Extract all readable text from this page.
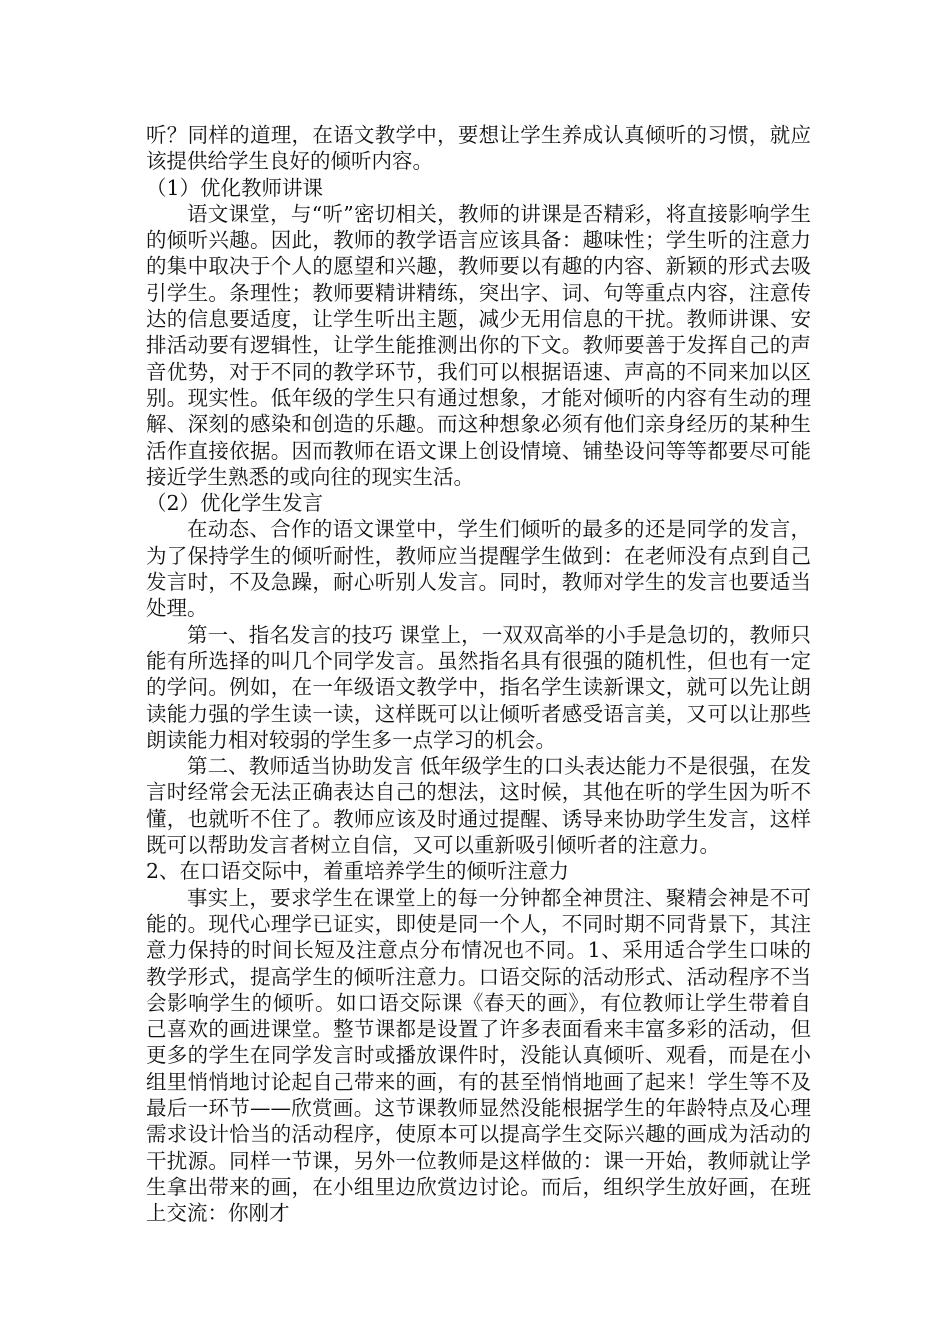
听？同样的道理，在语文教学中，要想让学生养成认真倾听的习惯，就应该提供给学生良好的倾听内容。

（1）优化教师讲课

语文课堂，与“听”密切相关，教师的讲课是否精彩，将直接影响学生的倾听兴趣。因此，教师的教学语言应该具备：趣味性；学生听的注意力的集中取决于个人的愿望和兴趣，教师要以有趣的内容、新颖的形式去吸引学生。条理性；教师要精讲精练，突出字、词、句等重点内容，注意传达的信息要适度，让学生听出主题，减少无用信息的干扰。教师讲课、安排活动要有逻辑性，让学生能推测出你的下文。教师要善于发挥自己的声音优势，对于不同的教学环节，我们可以根据语速、声高的不同来加以区别。现实性。低年级的学生只有通过想象，才能对倾听的内容有生动的理解、深刻的感染和创造的乐趣。而这种想象必须有他们亲身经历的某种生活作直接依据。因而教师在语文课上创设情境、铺垫设问等等都要尽可能接近学生熟悉的或向往的现实生活。

（2）优化学生发言

在动态、合作的语文课堂中，学生们倾听的最多的还是同学的发言，为了保持学生的倾听耐性，教师应当提醒学生做到：在老师没有点到自己发言时，不及急躁，耐心听别人发言。同时，教师对学生的发言也要适当处理。

第一、指名发言的技巧 课堂上，一双双高举的小手是急切的，教师只能有所选择的叫几个同学发言。虽然指名具有很强的随机性，但也有一定的学问。例如，在一年级语文教学中，指名学生读新课文，就可以先让朗读能力强的学生读一读，这样既可以让倾听者感受语言美，又可以让那些朗读能力相对较弱的学生多一点学习的机会。

第二、教师适当协助发言 低年级学生的口头表达能力不是很强，在发言时经常会无法正确表达自己的想法，这时候，其他在听的学生因为听不懂，也就听不住了。教师应该及时通过提醒、诱导来协助学生发言，这样既可以帮助发言者树立自信，又可以重新吸引倾听者的注意力。

2、在口语交际中，着重培养学生的倾听注意力

事实上，要求学生在课堂上的每一分钟都全神贯注、聚精会神是不可能的。现代心理学已证实，即使是同一个人，不同时期不同背景下，其注意力保持的时间长短及注意点分布情况也不同。1、采用适合学生口味的教学形式，提高学生的倾听注意力。口语交际的活动形式、活动程序不当会影响学生的倾听。如口语交际课《春天的画》，有位教师让学生带着自己喜欢的画进课堂。整节课都是设置了许多表面看来丰富多彩的活动，但更多的学生在同学发言时或播放课件时，没能认真倾听、观看，而是在小组里悄悄地讨论起自己带来的画，有的甚至悄悄地画了起来！学生等不及最后一环节——欣赏画。这节课教师显然没能根据学生的年龄特点及心理需求设计恰当的活动程序，使原本可以提高学生交际兴趣的画成为活动的干扰源。同样一节课，另外一位教师是这样做的：课一开始，教师就让学生拿出带来的画，在小组里边欣赏边讨论。而后，组织学生放好画，在班上交流：你刚才
